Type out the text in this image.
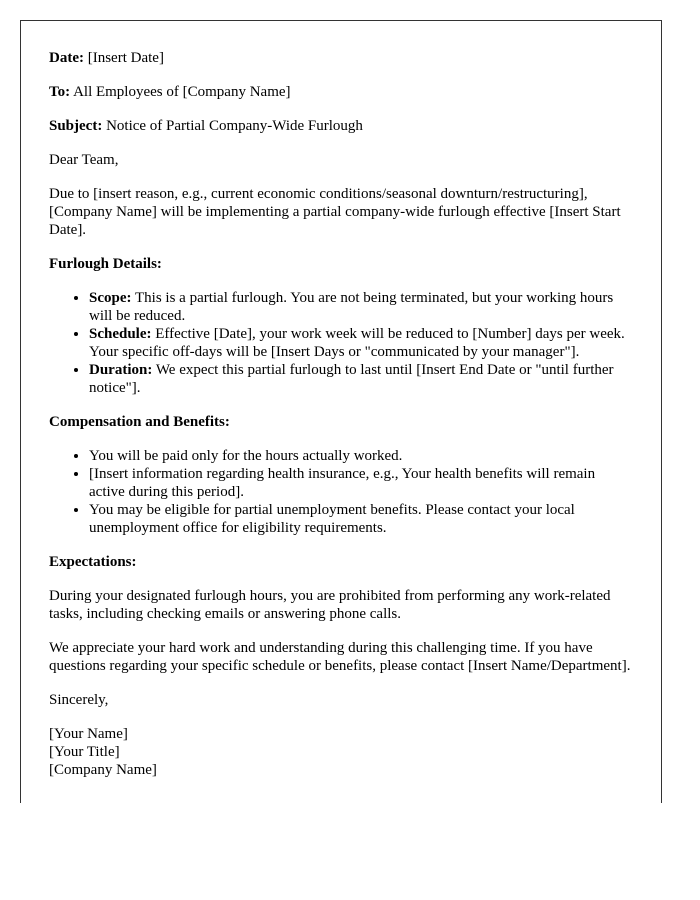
Date: [Insert Date]

To: All Employees of [Company Name]

Subject: Notice of Partial Company-Wide Furlough

Dear Team,

Due to [insert reason, e.g., current economic conditions/seasonal downturn/restructuring], [Company Name] will be implementing a partial company-wide furlough effective [Insert Start Date].

Furlough Details:

• Scope: This is a partial furlough. You are not being terminated, but your working hours will be reduced.
• Schedule: Effective [Date], your work week will be reduced to [Number] days per week. Your specific off-days will be [Insert Days or "communicated by your manager"].
• Duration: We expect this partial furlough to last until [Insert End Date or "until further notice"].

Compensation and Benefits:

• You will be paid only for the hours actually worked.
• [Insert information regarding health insurance, e.g., Your health benefits will remain active during this period].
• You may be eligible for partial unemployment benefits. Please contact your local unemployment office for eligibility requirements.

Expectations:

During your designated furlough hours, you are prohibited from performing any work-related tasks, including checking emails or answering phone calls.

We appreciate your hard work and understanding during this challenging time. If you have questions regarding your specific schedule or benefits, please contact [Insert Name/Department].

Sincerely,

[Your Name]
[Your Title]
[Company Name]
